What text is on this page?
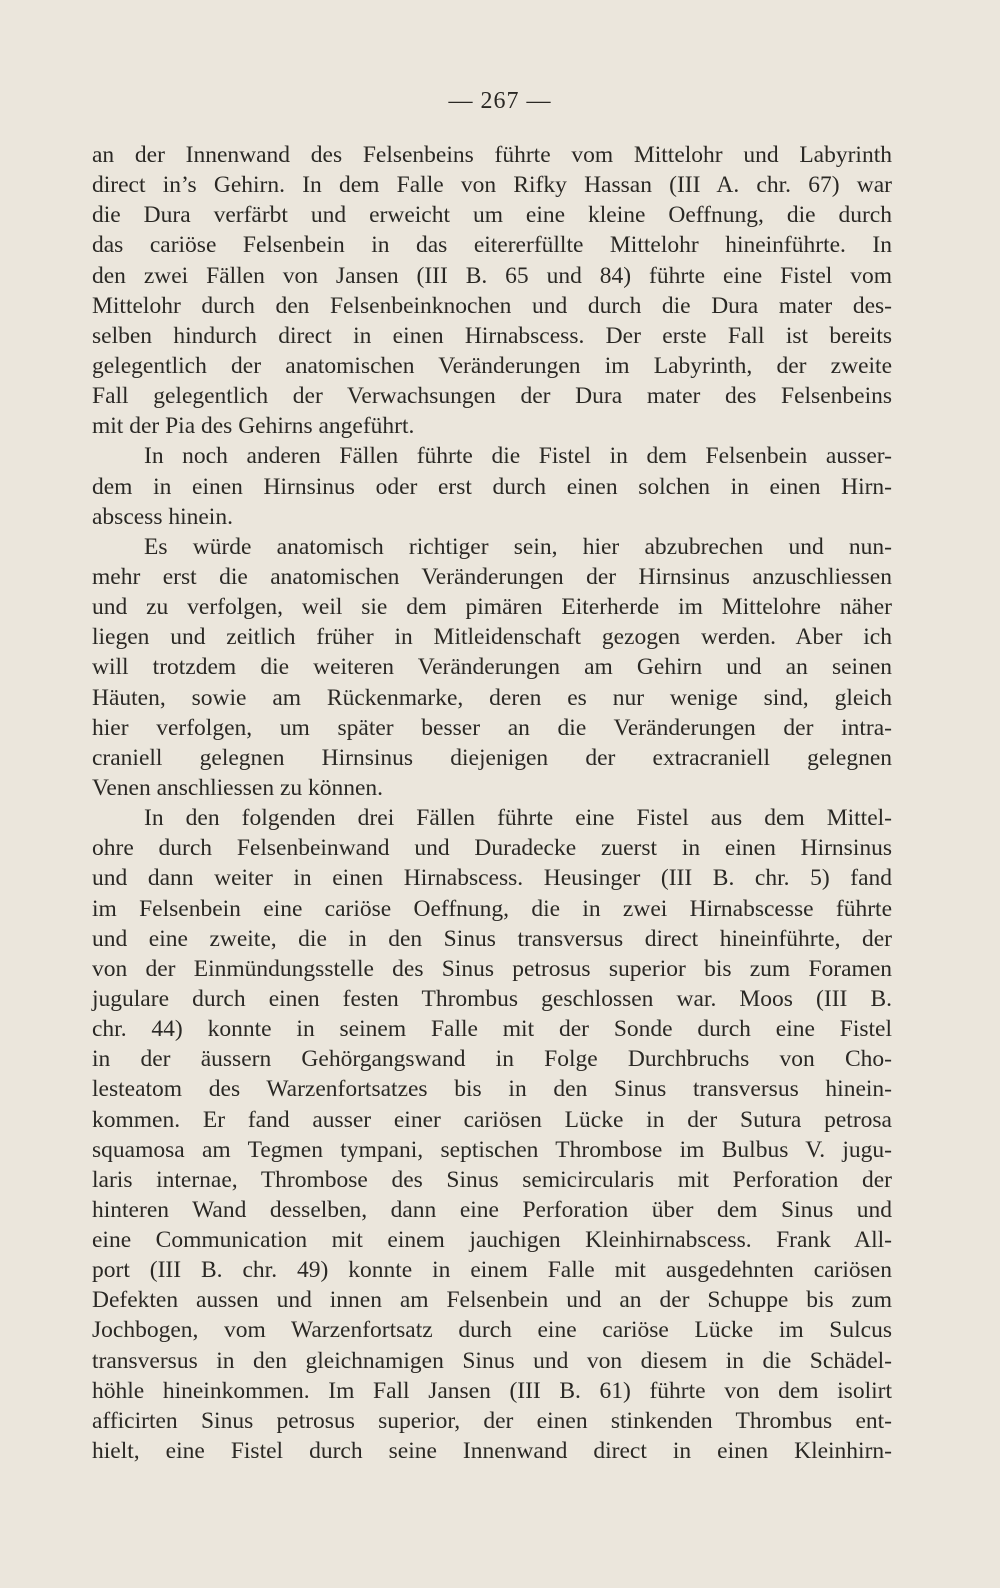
— 267 —
an der Innenwand des Felsenbeins führte vom Mittelohr und Labyrinth
direct in’s Gehirn. In dem Falle von Rifky Hassan (III A. chr. 67) war
die Dura verfärbt und erweicht um eine kleine Oeffnung, die durch
das cariöse Felsenbein in das eitererfüllte Mittelohr hineinführte. In
den zwei Fällen von Jansen (III B. 65 und 84) führte eine Fistel vom
Mittelohr durch den Felsenbeinknochen und durch die Dura mater des-
selben hindurch direct in einen Hirnabscess. Der erste Fall ist bereits
gelegentlich der anatomischen Veränderungen im Labyrinth, der zweite
Fall gelegentlich der Verwachsungen der Dura mater des Felsenbeins
mit der Pia des Gehirns angeführt.
In noch anderen Fällen führte die Fistel in dem Felsenbein ausser-
dem in einen Hirnsinus oder erst durch einen solchen in einen Hirn-
abscess hinein.
Es würde anatomisch richtiger sein, hier abzubrechen und nun-
mehr erst die anatomischen Veränderungen der Hirnsinus anzuschliessen
und zu verfolgen, weil sie dem pimären Eiterherde im Mittelohre näher
liegen und zeitlich früher in Mitleidenschaft gezogen werden. Aber ich
will trotzdem die weiteren Veränderungen am Gehirn und an seinen
Häuten, sowie am Rückenmarke, deren es nur wenige sind, gleich
hier verfolgen, um später besser an die Veränderungen der intra-
craniell gelegnen Hirnsinus diejenigen der extracraniell gelegnen
Venen anschliessen zu können.
In den folgenden drei Fällen führte eine Fistel aus dem Mittel-
ohre durch Felsenbeinwand und Duradecke zuerst in einen Hirnsinus
und dann weiter in einen Hirnabscess. Heusinger (III B. chr. 5) fand
im Felsenbein eine cariöse Oeffnung, die in zwei Hirnabscesse führte
und eine zweite, die in den Sinus transversus direct hineinführte, der
von der Einmündungsstelle des Sinus petrosus superior bis zum Foramen
jugulare durch einen festen Thrombus geschlossen war. Moos (III B.
chr. 44) konnte in seinem Falle mit der Sonde durch eine Fistel
in der äussern Gehörgangswand in Folge Durchbruchs von Cho-
lesteatom des Warzenfortsatzes bis in den Sinus transversus hinein-
kommen. Er fand ausser einer cariösen Lücke in der Sutura petrosa
squamosa am Tegmen tympani, septischen Thrombose im Bulbus V. jugu-
laris internae, Thrombose des Sinus semicircularis mit Perforation der
hinteren Wand desselben, dann eine Perforation über dem Sinus und
eine Communication mit einem jauchigen Kleinhirnabscess. Frank All-
port (III B. chr. 49) konnte in einem Falle mit ausgedehnten cariösen
Defekten aussen und innen am Felsenbein und an der Schuppe bis zum
Jochbogen, vom Warzenfortsatz durch eine cariöse Lücke im Sulcus
transversus in den gleichnamigen Sinus und von diesem in die Schädel-
höhle hineinkommen. Im Fall Jansen (III B. 61) führte von dem isolirt
afficirten Sinus petrosus superior, der einen stinkenden Thrombus ent-
hielt, eine Fistel durch seine Innenwand direct in einen Kleinhirn-
